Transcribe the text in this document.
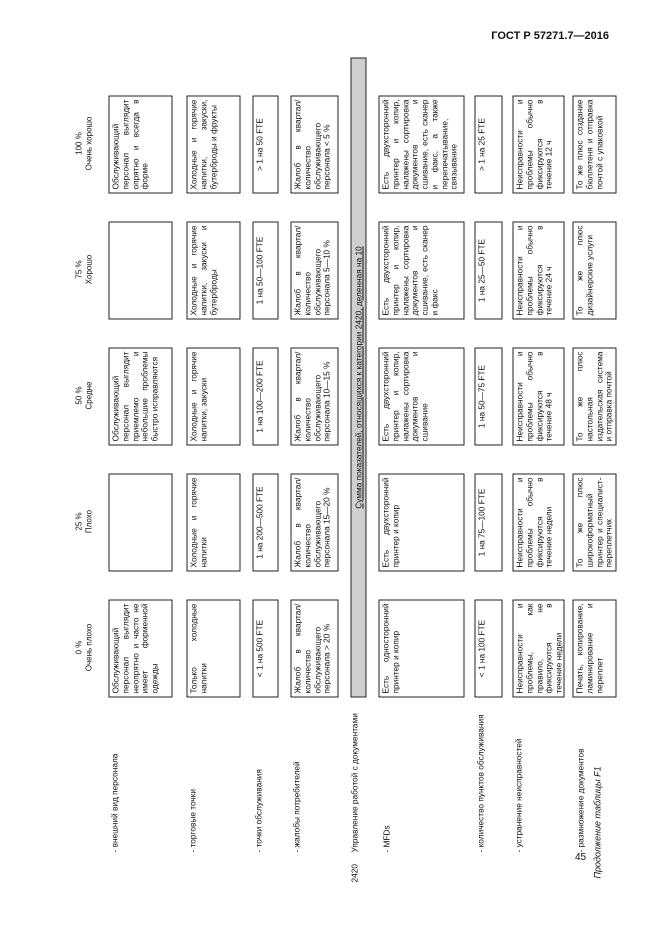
ГОСТ Р 57271.7—2016
Продолжение таблицы F1
0 % Очень плохо
25 % Плохо
50 % Средне
75 % Хорошо
100 % Очень хорошо
- внешний вид персонала
Обслуживающий персонал выглядит неопрятно и часто не имеет форменной одежды
Обслуживающий персонал выглядит приемлемо и небольшие проблемы быстро исправляются
Обслуживающий персонал выглядит опрятно и всегда в форме
- торговые точки
Только холодные напитки
Холодные и горячие напитки
Холодные и горячие напитки, закуски
Холодные и горячие напитки, закуски и бутерброды
Холодные и горячие напитки, закуски, бутерброды и фрукты
- точки обслуживания
< 1 на 500 FTE
1 на 200—500 FTE
1 на 100—200 FTE
1 на 50—100 FTE
> 1 на 50 FTE
- жалобы потребителей
Жалоб в квартал/количество обслуживающего персонала > 20 %
Жалоб в квартал/количество обслуживающего персонала 15—20 %
Жалоб в квартал/количество обслуживающего персонала 10—15 %
Жалоб в квартал/количество обслуживающего персонала 5—10 %
Жалоб в квартал/количество обслуживающего персонала < 5 %
2420
Управление работой с документами
Сумма показателей, относящихся к категории 2420, деленная на 10
- MFDs
Есть односторонний принтер и копир
Есть двухсторонний принтер и копир
Есть двухсторонний принтер и копир, налажены сортировка документов и сшивание
Есть двухсторонний принтер и копир, налажены сортировка документов и сшивание, есть сканер и факс
Есть двухсторонний принтер и копир, налажены сортировка документов и сшивание, есть сканер и факс, а также перепечатывание, связывание
- количество пунктов обслуживания
< 1 на 100 FTE
1 на 75—100 FTE
1 на 50—75 FTE
1 на 25—50 FTE
> 1 на 25 FTE
- устранение неисправностей
Неисправности и проблемы, как правило, не фиксируются в течение недели
Неисправности и проблемы обычно фиксируются в течение недели
Неисправности и проблемы обычно фиксируются в течение 48 ч
Неисправности и проблемы обычно фиксируются в течение 24 ч
Неисправности и проблемы обычно фиксируются в течение 12 ч
- размножение документов
Печать, копирование, ламинирование и переплет
То же плюс широкоформатный принтер и специалист-переплетчик
То же плюс настольная издательская система и отправка почтой
То же плюс дизайнерские услуги
То же плюс создание бюллетеня и отправка почтой с упаковкой
45
